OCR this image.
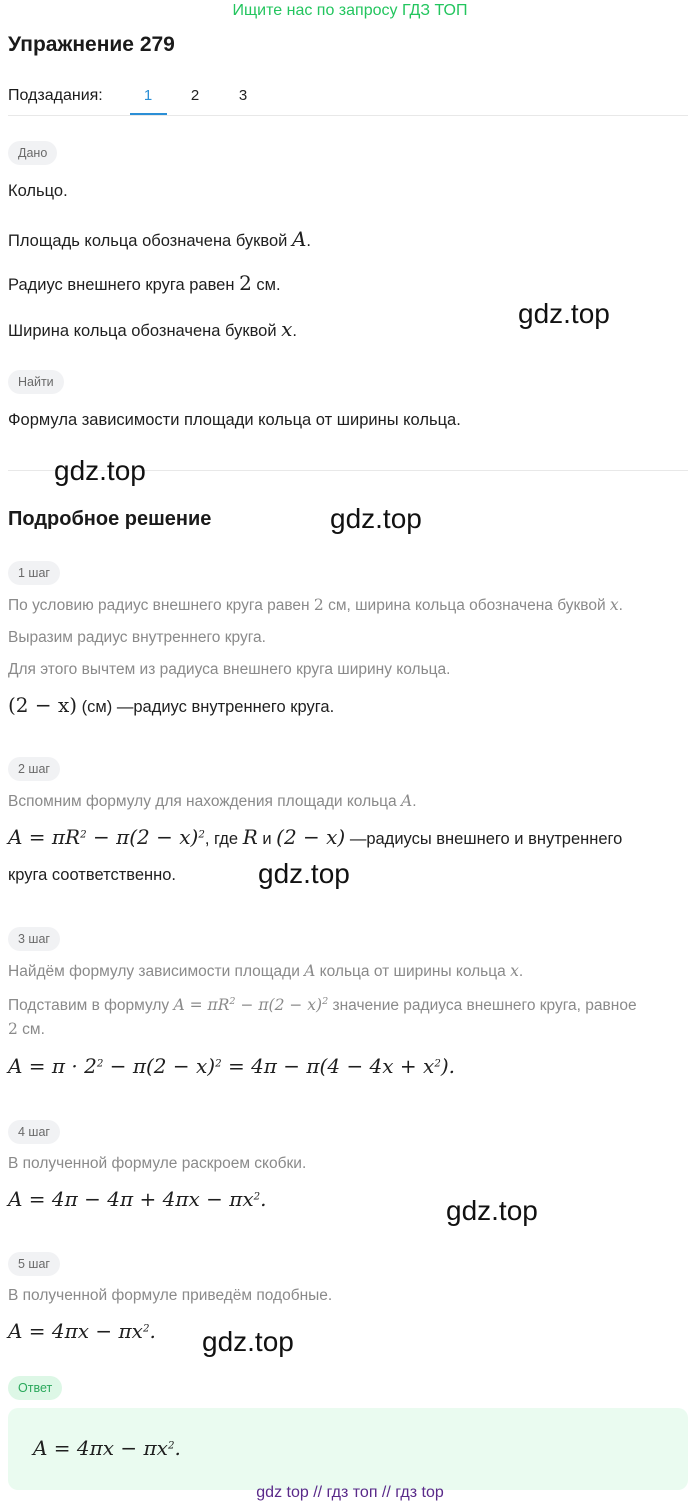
Ищите нас по запросу ГДЗ ТОП
Упражнение 279
Подзадания:	1	2	3
Дано
Кольцо.
Площадь кольца обозначена буквой A.
Радиус внешнего круга равен 2 см.
Ширина кольца обозначена буквой x.
Найти
Формула зависимости площади кольца от ширины кольца.
Подробное решение
1 шаг
По условию радиус внешнего круга равен 2 см, ширина кольца обозначена буквой x.
Выразим радиус внутреннего круга.
Для этого вычтем из радиуса внешнего круга ширину кольца.
(2 − x) (см) —радиус внутреннего круга.
2 шаг
Вспомним формулу для нахождения площади кольца A.
$A = \pi R^2 - \pi(2 - x)^2$, где R и (2 − x) —радиусы внешнего и внутреннего
круга соответственно.
3 шаг
Найдём формулу зависимости площади A кольца от ширины кольца x.
Подставим в формулу $A = \pi R^2 - \pi(2 - x)^2$ значение радиуса внешнего круга, равное
2 см.
$A = \pi \cdot 2^2 - \pi(2 - x)^2 = 4\pi - \pi(4 - 4x + x^2)$.
4 шаг
В полученной формуле раскроем скобки.
$A = 4\pi - 4\pi + 4\pi x - \pi x^2$.
5 шаг
В полученной формуле приведём подобные.
$A = 4\pi x - \pi x^2$.
Ответ
$A = 4\pi x - \pi x^2$.
gdz.top
gdz.top
gdz.top
gdz.top
gdz.top
gdz.top
gdz top // гдз топ // гдз top
